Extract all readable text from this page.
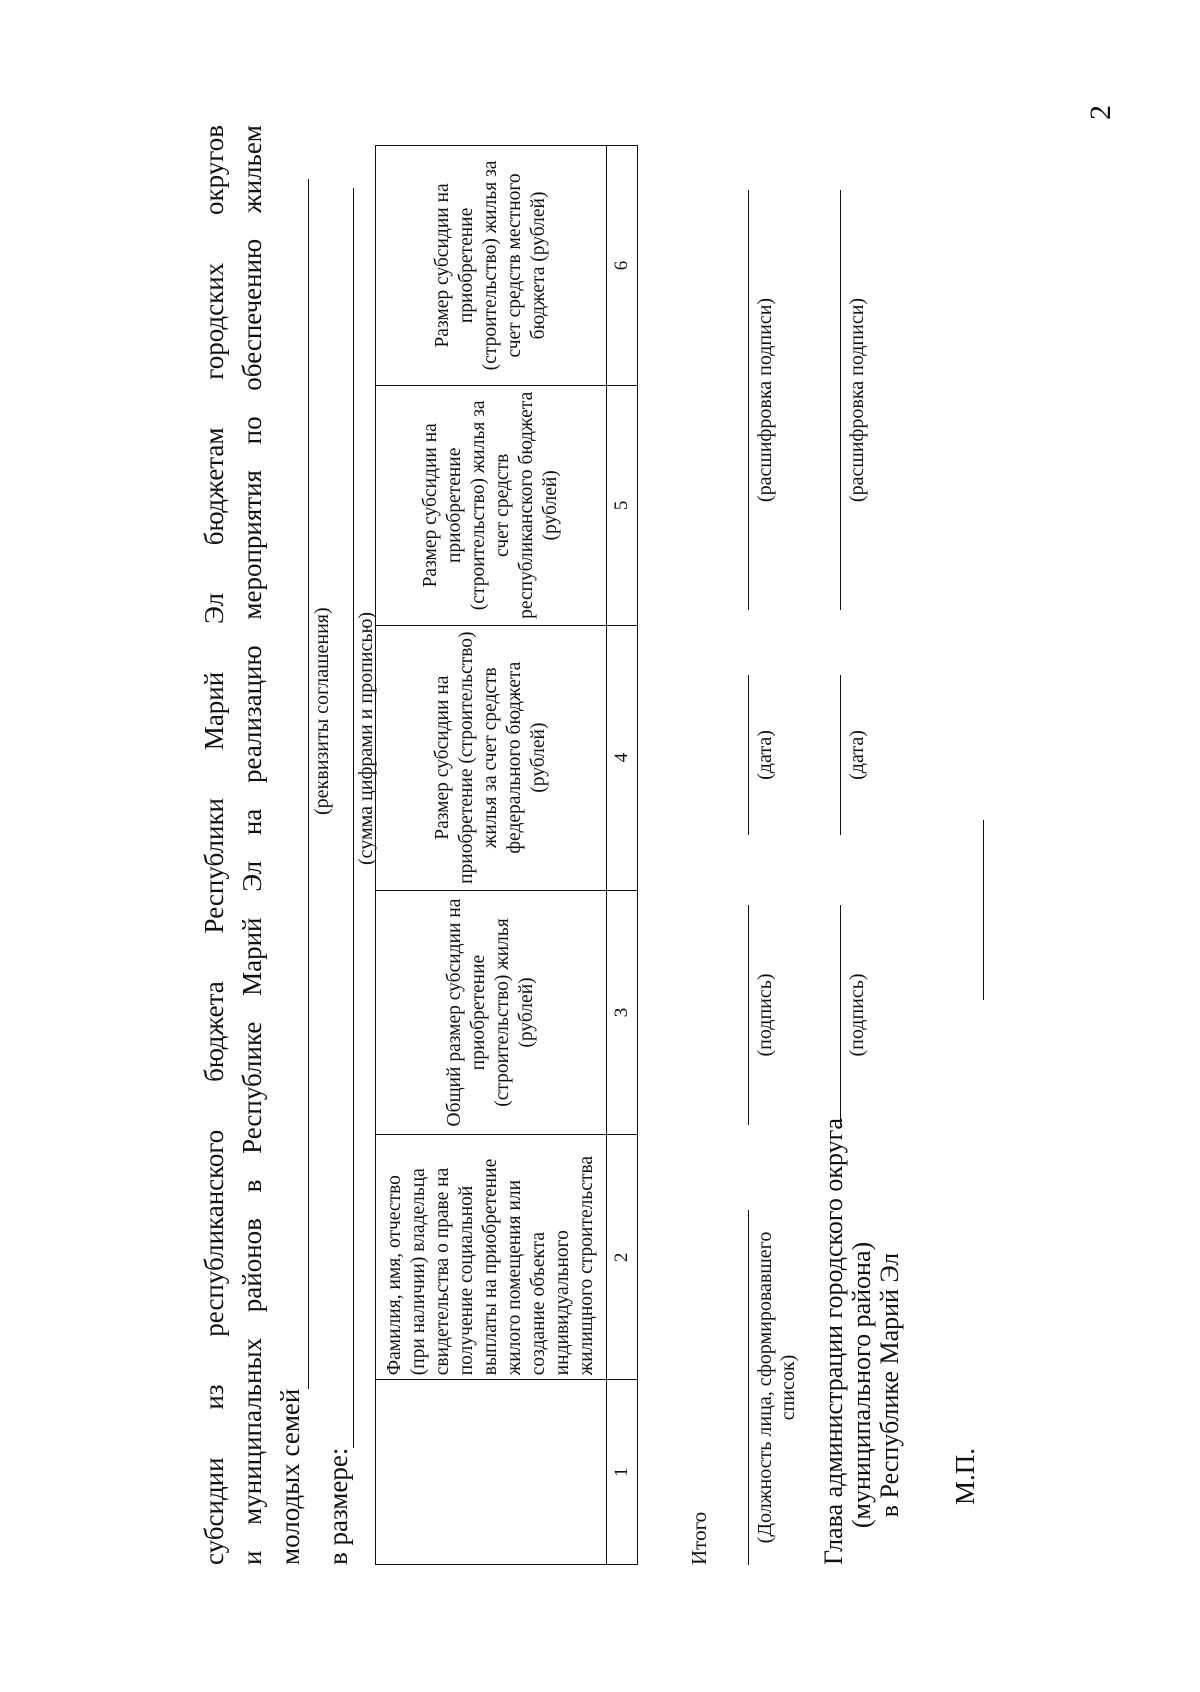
2
субсидии
из
республиканского
бюджета
Республики
Марий
Эл
бюджетам
городских
округов
и
муниципальных
районов
в
Республике
Марий
Эл
на
реализацию
мероприятия
по
обеспечению
жильем
молодых семей
(реквизиты соглашения)
в размере:
(сумма цифрами и прописью)
	Фамилия, имя, отчество (при наличии) владельца свидетельства о праве на получение социальной выплаты на приобретение жилого помещения или создание объекта индивидуального жилищного строительства	Общий размер субсидии на приобретение (строительство) жилья (рублей)	Размер субсидии на приобретение (строительство) жилья за счет средств федерального бюджета (рублей)	Размер субсидии на приобретение (строительство) жилья за счет средств республиканского бюджета (рублей)	Размер субсидии на приобретение (строительство) жилья за счет средств местного бюджета (рублей)
1	2	3	4	5	6
Итого (Должность лица, сформировавшего список)
(подпись)
(дата)
(расшифровка подписи)
Глава администрации городского округа (муниципального района) в Республике Марий Эл
(подпись)
(дата)
(расшифровка подписи)
М.П.
